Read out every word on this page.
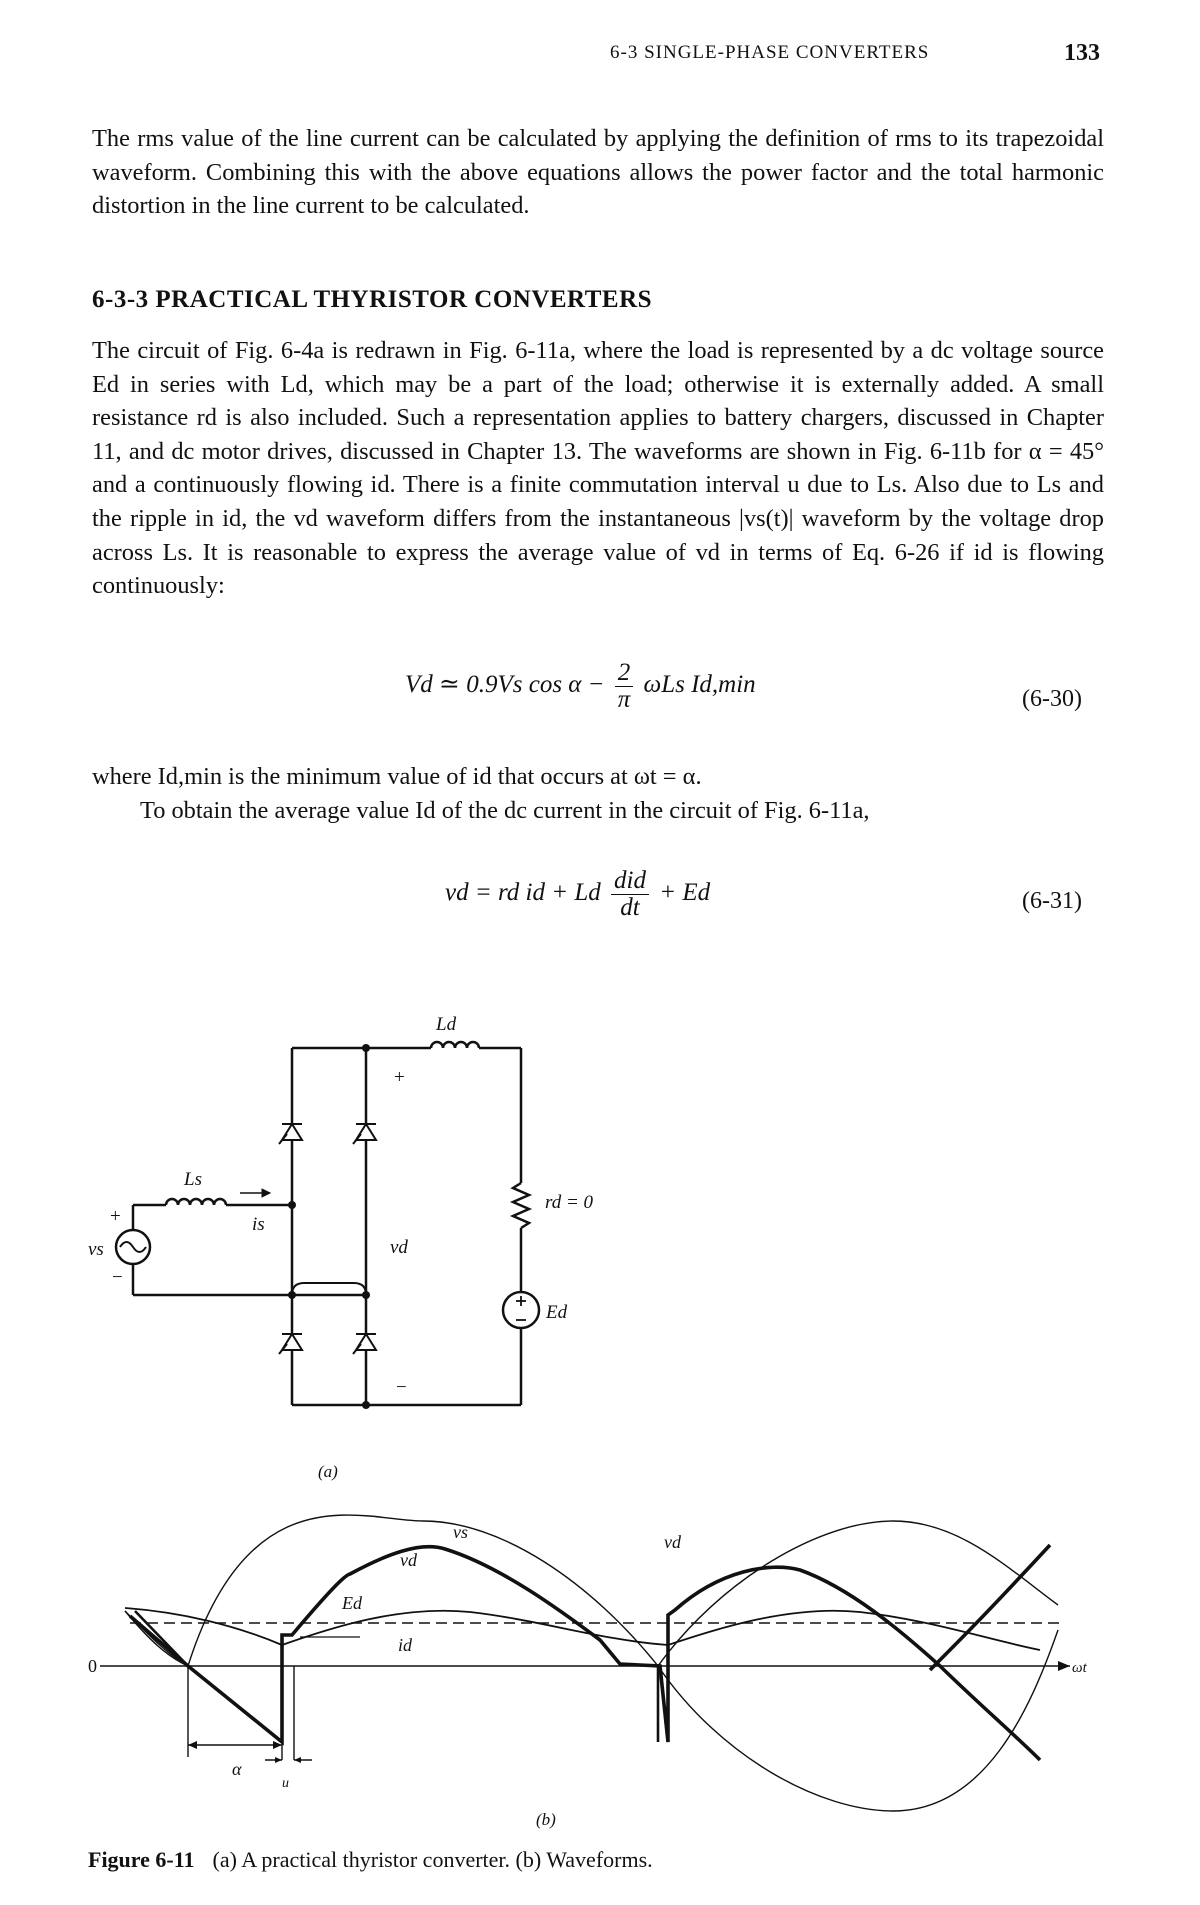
6-3 SINGLE-PHASE CONVERTERS	133

The rms value of the line current can be calculated by applying the definition of rms to its trapezoidal waveform. Combining this with the above equations allows the power factor and the total harmonic distortion in the line current to be calculated.

6-3-3 PRACTICAL THYRISTOR CONVERTERS

The circuit of Fig. 6-4a is redrawn in Fig. 6-11a, where the load is represented by a dc voltage source Ed in series with Ld, which may be a part of the load; otherwise it is externally added. A small resistance rd is also included. Such a representation applies to battery chargers, discussed in Chapter 11, and dc motor drives, discussed in Chapter 13. The waveforms are shown in Fig. 6-11b for α = 45° and a continuously flowing id. There is a finite commutation interval u due to Ls. Also due to Ls and the ripple in id, the vd waveform differs from the instantaneous |vs(t)| waveform by the voltage drop across Ls. It is reasonable to express the average value of vd in terms of Eq. 6-26 if id is flowing continuously:

Vd ≃ 0.9Vs $\cos \alpha - \frac{2}{\pi}$ ωLs Id,min
(6-30)

where Id,min is the minimum value of id that occurs at ωt = α.

To obtain the average value Id of the dc current in the circuit of Fig. 6-11a,

vd = rd id + Ld $\frac{\text{did}}{dt} + Ed$	(6-31)
Ld
Ls
vs
is
vd
rd = 0
Ed
+
−
+
−
(a)
vs
vd
vd
Ed
id
0	ωt
α
u
(b)
Figure 6-11 (a) A practical thyristor converter. (b) Waveforms.
